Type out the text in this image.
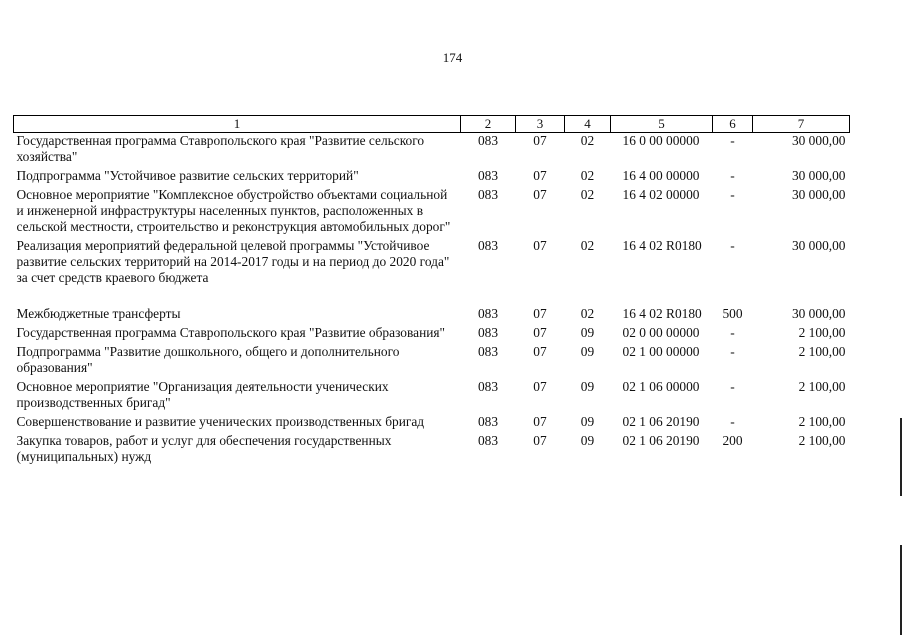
174
1	2	3	4	5	6	7
Государственная программа Ставропольского края "Развитие сельского хозяйства"	083	07	02	16 0 00 00000	-	30 000,00
Подпрограмма "Устойчивое развитие сельских территорий"	083	07	02	16 4 00 00000	-	30 000,00
Основное мероприятие "Комплексное обустройство объектами социальной и инженерной инфраструктуры населенных пунктов, расположенных в сельской местности, строительство и реконструкция автомобильных дорог"	083	07	02	16 4 02 00000	-	30 000,00
Реализация мероприятий федеральной целевой программы "Устойчивое развитие сельских территорий на 2014-2017 годы и на период до 2020 года" за счет средств краевого бюджета	083	07	02	16 4 02 R0180	-	30 000,00
Межбюджетные трансферты	083	07	02	16 4 02 R0180	500	30 000,00
Государственная программа Ставропольского края "Развитие образования"	083	07	09	02 0 00 00000	-	2 100,00
Подпрограмма "Развитие дошкольного, общего и дополнительного образования"	083	07	09	02 1 00 00000	-	2 100,00
Основное мероприятие "Организация деятельности ученических производственных бригад"	083	07	09	02 1 06 00000	-	2 100,00
Совершенствование и развитие ученических производственных бригад	083	07	09	02 1 06 20190	-	2 100,00
Закупка товаров, работ и услуг для обеспечения государственных (муниципальных) нужд	083	07	09	02 1 06 20190	200	2 100,00
